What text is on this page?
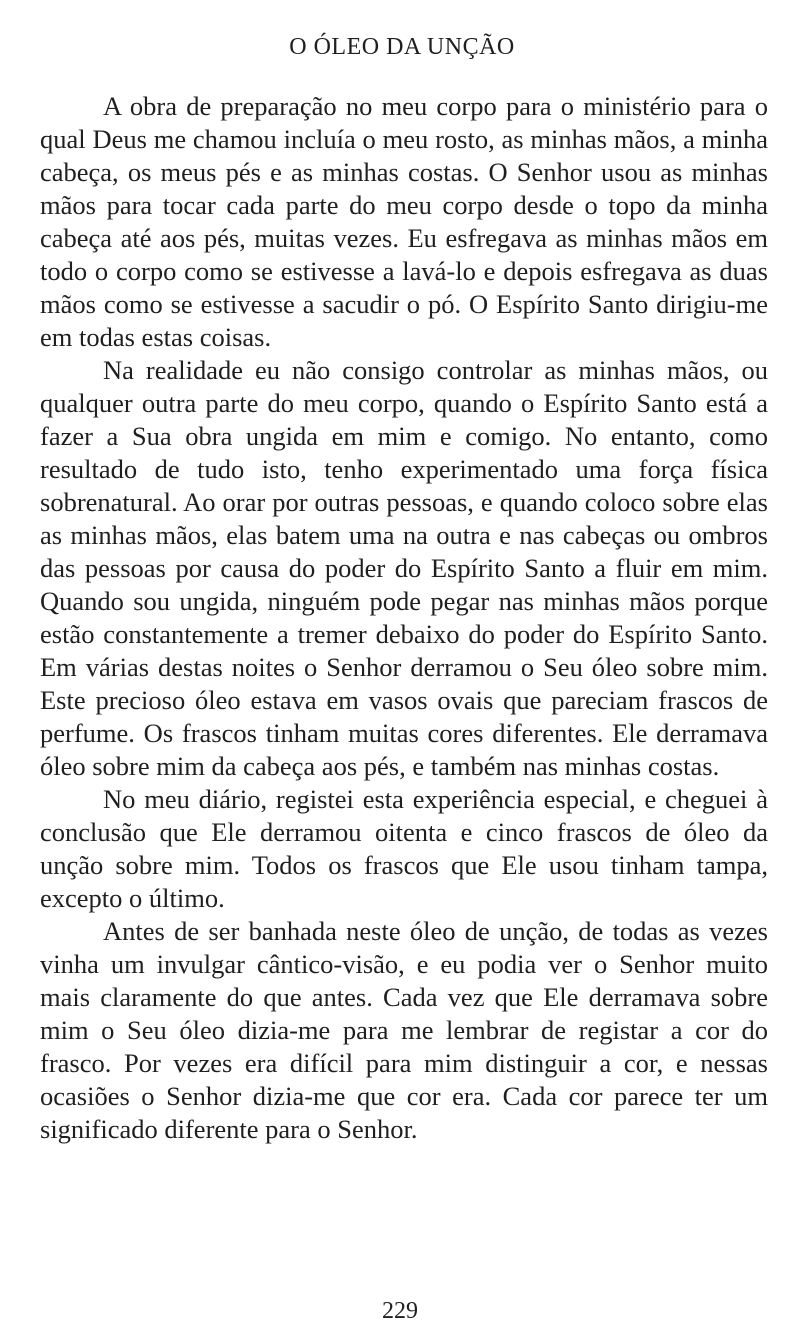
O ÓLEO DA UNÇÃO

A obra de preparação no meu corpo para o ministério para o qual Deus me chamou incluía o meu rosto, as minhas mãos, a minha cabeça, os meus pés e as minhas costas. O Senhor usou as minhas mãos para tocar cada parte do meu corpo desde o topo da minha cabeça até aos pés, muitas vezes. Eu esfregava as minhas mãos em todo o corpo como se estivesse a lavá-lo e depois esfregava as duas mãos como se estivesse a sacudir o pó. O Espírito Santo dirigiu-me em todas estas coisas.

Na realidade eu não consigo controlar as minhas mãos, ou qualquer outra parte do meu corpo, quando o Espírito Santo está a fazer a Sua obra ungida em mim e comigo. No entanto, como resultado de tudo isto, tenho experimentado uma força física sobrenatural. Ao orar por outras pessoas, e quando coloco sobre elas as minhas mãos, elas batem uma na outra e nas cabeças ou ombros das pessoas por causa do poder do Espírito Santo a fluir em mim. Quando sou ungida, ninguém pode pegar nas minhas mãos porque estão constantemente a tremer debaixo do poder do Espírito Santo. Em várias destas noites o Senhor derramou o Seu óleo sobre mim. Este precioso óleo estava em vasos ovais que pareciam frascos de perfume. Os frascos tinham muitas cores diferentes. Ele derramava óleo sobre mim da cabeça aos pés, e também nas minhas costas.

No meu diário, registei esta experiência especial, e cheguei à conclusão que Ele derramou oitenta e cinco frascos de óleo da unção sobre mim. Todos os frascos que Ele usou tinham tampa, excepto o último.

Antes de ser banhada neste óleo de unção, de todas as vezes vinha um invulgar cântico-visão, e eu podia ver o Senhor muito mais claramente do que antes. Cada vez que Ele derramava sobre mim o Seu óleo dizia-me para me lembrar de registar a cor do frasco. Por vezes era difícil para mim distinguir a cor, e nessas ocasiões o Senhor dizia-me que cor era. Cada cor parece ter um significado diferente para o Senhor.

229
